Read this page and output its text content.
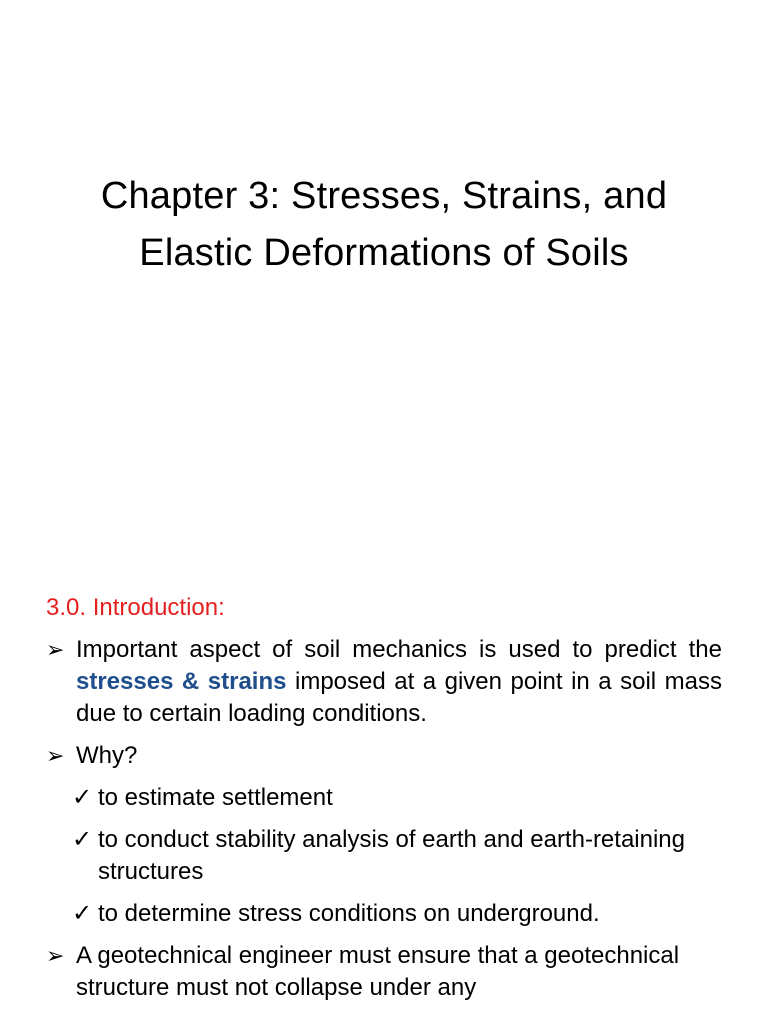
Chapter 3: Stresses, Strains, and
Elastic Deformations of Soils
3.0. Introduction:
➢ Important aspect of soil mechanics is used to predict the stresses & strains imposed at a given point in a soil mass due to certain loading conditions.
➢ Why?
✓ to estimate settlement
✓ to conduct stability analysis of earth and earth-retaining structures
✓ to determine stress conditions on underground.
➢ A geotechnical engineer must ensure that a geotechnical structure must not collapse under any
